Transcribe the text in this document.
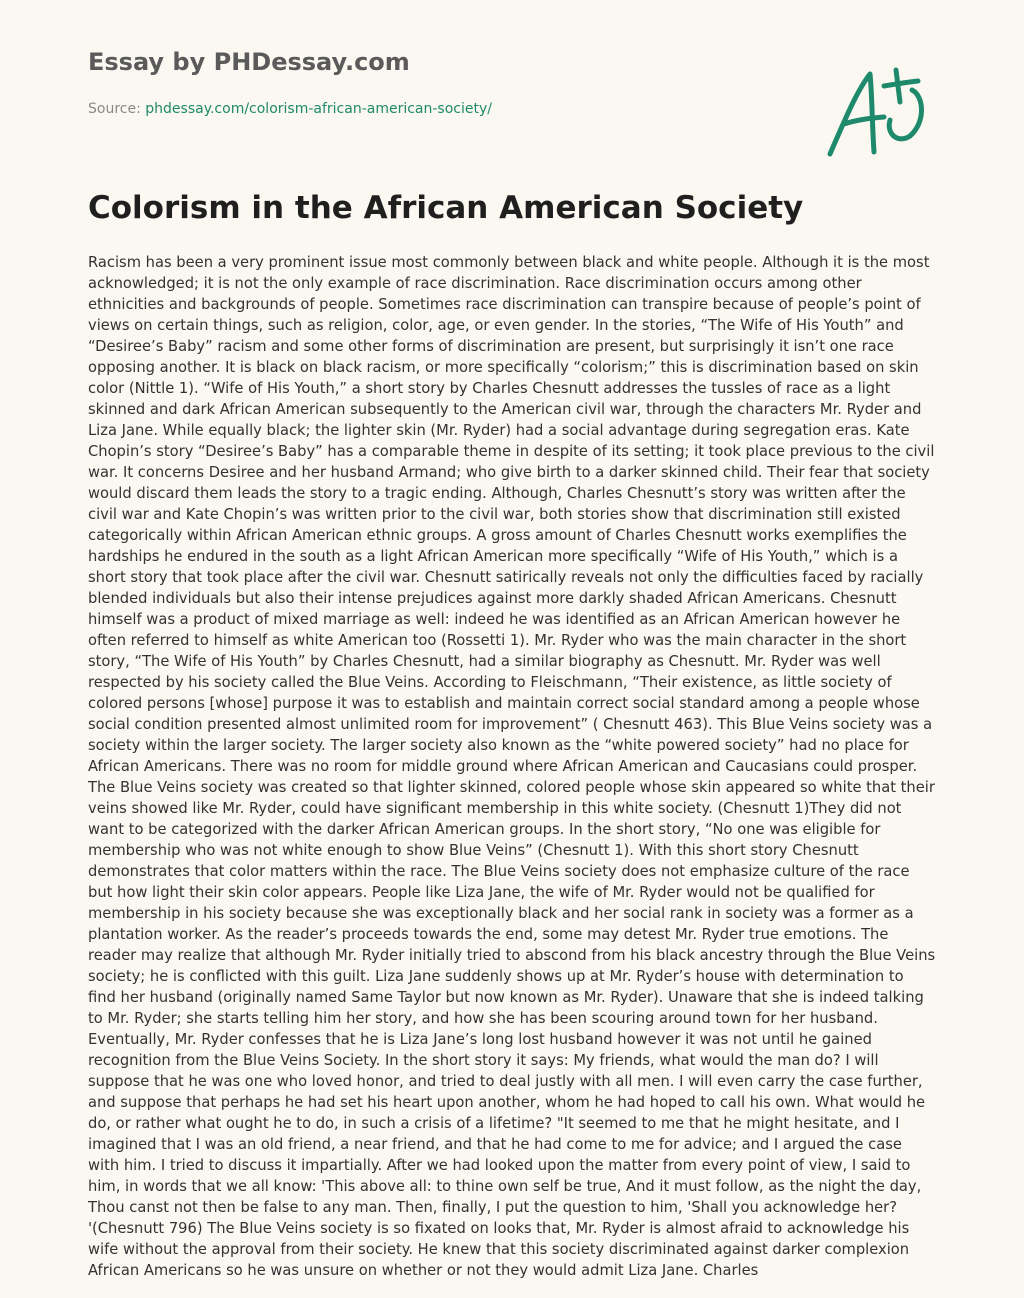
Essay by PHDessay.com
Source: phdessay.com/colorism-african-american-society/
Colorism in the African American Society

Racism has been a very prominent issue most commonly between black and white people. Although it is the most acknowledged; it is not the only example of race discrimination. Race discrimination occurs among other ethnicities and backgrounds of people. Sometimes race discrimination can transpire because of people’s point of views on certain things, such as religion, color, age, or even gender. In the stories, “The Wife of His Youth” and “Desiree’s Baby” racism and some other forms of discrimination are present, but surprisingly it isn’t one race opposing another. It is black on black racism, or more specifically “colorism;” this is discrimination based on skin color (Nittle 1). “Wife of His Youth,” a short story by Charles Chesnutt addresses the tussles of race as a light skinned and dark African American subsequently to the American civil war, through the characters Mr. Ryder and Liza Jane. While equally black; the lighter skin (Mr. Ryder) had a social advantage during segregation eras. Kate Chopin’s story “Desiree’s Baby” has a comparable theme in despite of its setting; it took place previous to the civil war. It concerns Desiree and her husband Armand; who give birth to a darker skinned child. Their fear that society would discard them leads the story to a tragic ending. Although, Charles Chesnutt’s story was written after the civil war and Kate Chopin’s was written prior to the civil war, both stories show that discrimination still existed categorically within African American ethnic groups. A gross amount of Charles Chesnutt works exemplifies the hardships he endured in the south as a light African American more specifically “Wife of His Youth,” which is a short story that took place after the civil war. Chesnutt satirically reveals not only the difficulties faced by racially blended individuals but also their intense prejudices against more darkly shaded African Americans. Chesnutt himself was a product of mixed marriage as well: indeed he was identified as an African American however he often referred to himself as white American too (Rossetti 1). Mr. Ryder who was the main character in the short story, “The Wife of His Youth” by Charles Chesnutt, had a similar biography as Chesnutt. Mr. Ryder was well respected by his society called the Blue Veins. According to Fleischmann, “Their existence, as little society of colored persons [whose] purpose it was to establish and maintain correct social standard among a people whose social condition presented almost unlimited room for improvement” ( Chesnutt 463). This Blue Veins society was a society within the larger society. The larger society also known as the “white powered society” had no place for African Americans. There was no room for middle ground where African American and Caucasians could prosper. The Blue Veins society was created so that lighter skinned, colored people whose skin appeared so white that their veins showed like Mr. Ryder, could have significant membership in this white society. (Chesnutt 1)They did not want to be categorized with the darker African American groups. In the short story, “No one was eligible for membership who was not white enough to show Blue Veins” (Chesnutt 1). With this short story Chesnutt demonstrates that color matters within the race. The Blue Veins society does not emphasize culture of the race but how light their skin color appears. People like Liza Jane, the wife of Mr. Ryder would not be qualified for membership in his society because she was exceptionally black and her social rank in society was a former as a plantation worker. As the reader’s proceeds towards the end, some may detest Mr. Ryder true emotions. The reader may realize that although Mr. Ryder initially tried to abscond from his black ancestry through the Blue Veins society; he is conflicted with this guilt. Liza Jane suddenly shows up at Mr. Ryder’s house with determination to find her husband (originally named Same Taylor but now known as Mr. Ryder). Unaware that she is indeed talking to Mr. Ryder; she starts telling him her story, and how she has been scouring around town for her husband. Eventually, Mr. Ryder confesses that he is Liza Jane’s long lost husband however it was not until he gained recognition from the Blue Veins Society. In the short story it says: My friends, what would the man do? I will suppose that he was one who loved honor, and tried to deal justly with all men. I will even carry the case further, and suppose that perhaps he had set his heart upon another, whom he had hoped to call his own. What would he do, or rather what ought he to do, in such a crisis of a lifetime? "It seemed to me that he might hesitate, and I imagined that I was an old friend, a near friend, and that he had come to me for advice; and I argued the case with him. I tried to discuss it impartially. After we had looked upon the matter from every point of view, I said to him, in words that we all know: 'This above all: to thine own self be true, And it must follow, as the night the day, Thou canst not then be false to any man. Then, finally, I put the question to him, 'Shall you acknowledge her? '(Chesnutt 796) The Blue Veins society is so fixated on looks that, Mr. Ryder is almost afraid to acknowledge his wife without the approval from their society. He knew that this society discriminated against darker complexion African Americans so he was unsure on whether or not they would admit Liza Jane. Charles
